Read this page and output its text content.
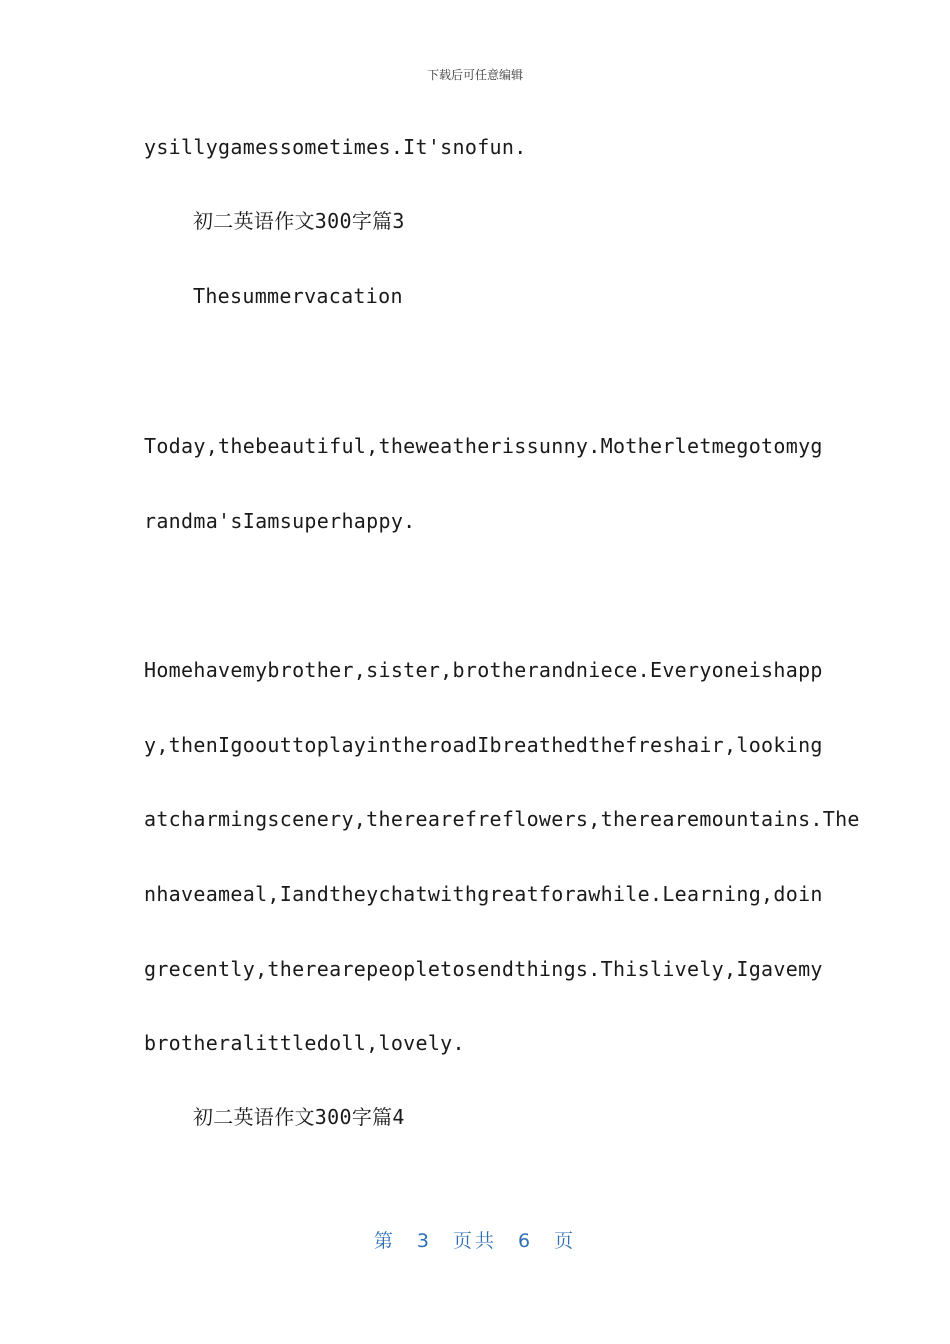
下载后可任意编辑
ysillygamessometimes.It'snofun.
初二英语作文300字篇3
Thesummervacation
Today,thebeautiful,theweatherissunny.Motherletmegotomyg
randma'sIamsuperhappy.
Homehavemybrother,sister,brotherandniece.Everyoneishapp
y,thenIgoouttoplayintheroadIbreathedthefreshair,looking
atcharmingscenery,therearefreflowers,therearemountains.The
nhaveameal,Iandtheychatwithgreatforawhile.Learning,doin
grecently,therearepeopletosendthings.Thislively,Igavemy
brotheralittledoll,lovely.
初二英语作文300字篇4
第 3 页共 6 页
